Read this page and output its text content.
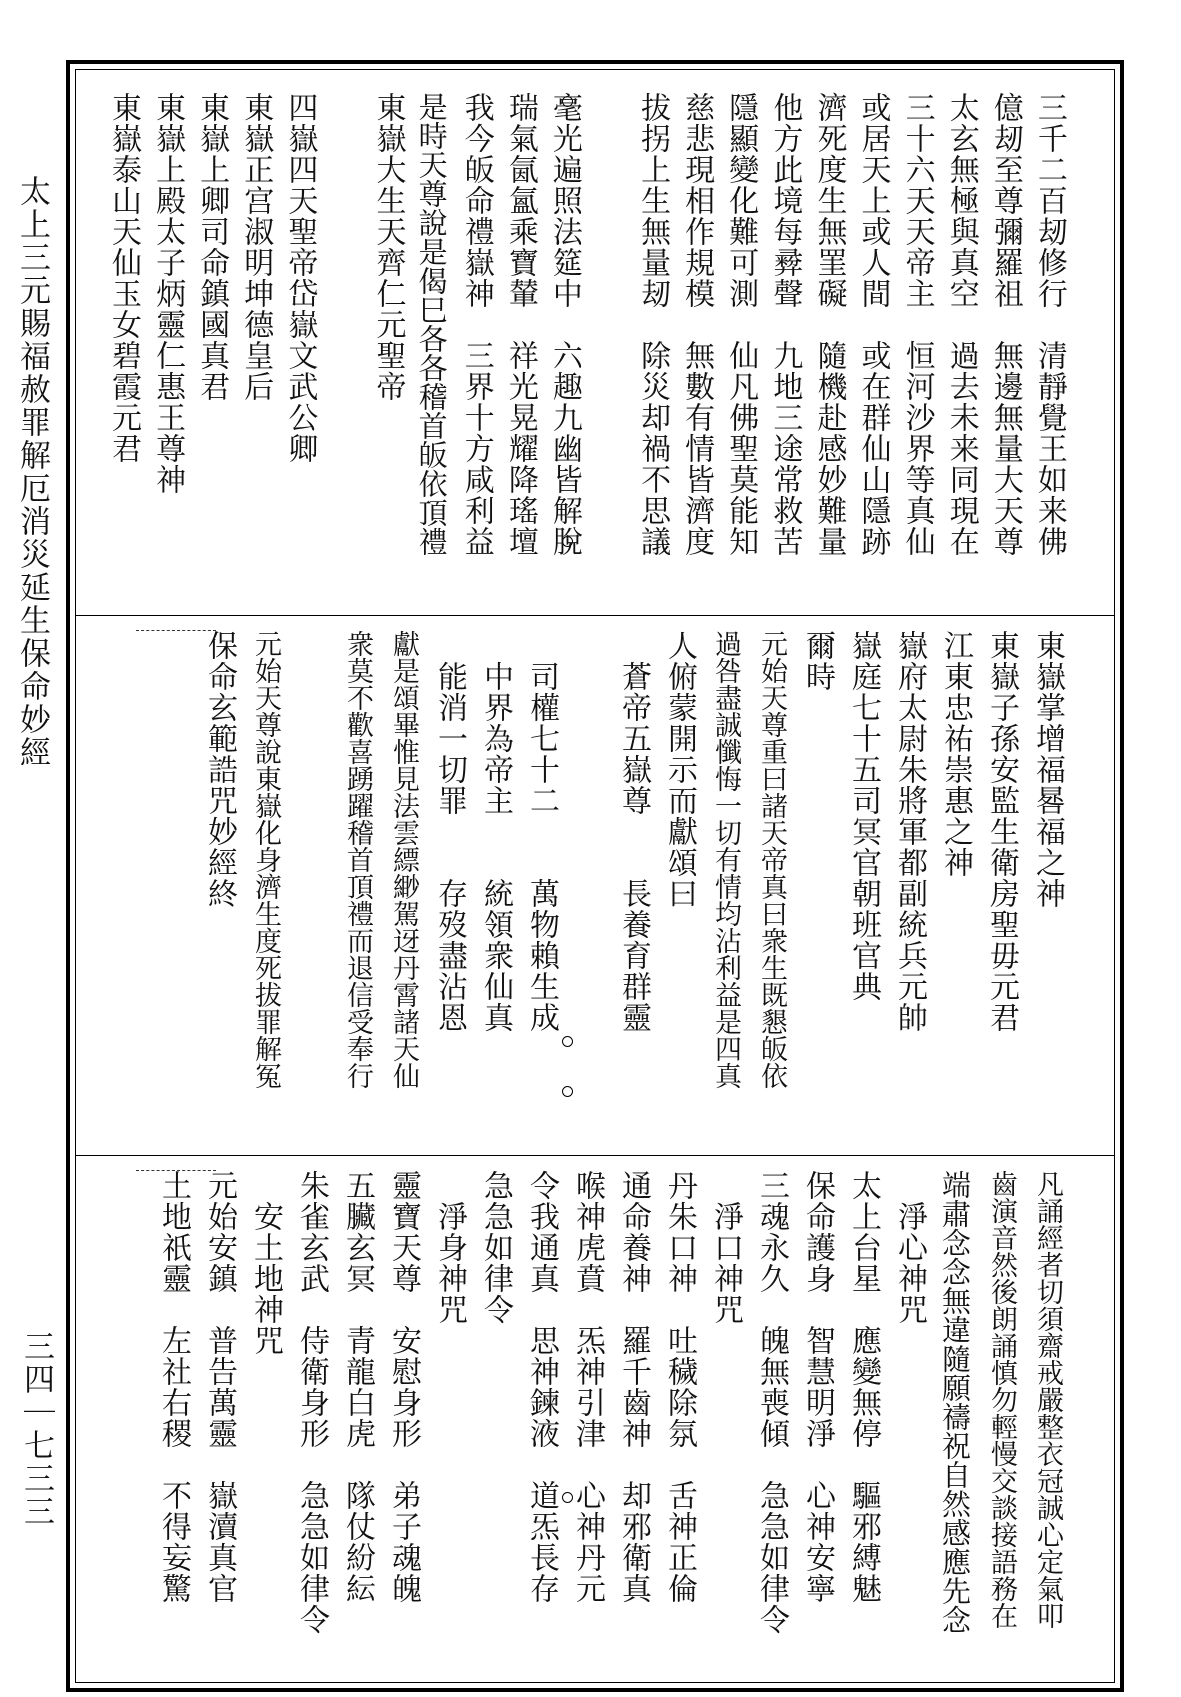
太上三元賜福赦罪解厄消災延生保命妙經
三四｜七三三
三千二百刼修行　清靜覺王如来佛
億刼至尊彌羅祖　無邊無量大天尊
太玄無極與真空　過去未来同現在
三十六天天帝主　恒河沙界等真仙
或居天上或人間　或在群仙山隱跡
濟死度生無罣礙　隨機赴感妙難量
他方此境每彛聲　九地三途常救苦
隱顯變化難可測　仙凡佛聖莫能知
慈悲現相作規模　無數有情皆濟度
拔拐上生無量刼　除災却禍不思議
毫光遍照法筵中　六趣九幽皆解脫
瑞氣氤氳乘寶輦　祥光晃耀降瑤壇
我今皈命禮嶽神　三界十方咸利益
是時天尊說是偈巳各各稽首皈依頂禮
東嶽大生天齊仁元聖帝
四嶽四天聖帝岱嶽文武公卿
東嶽正宫淑明坤德皇后
東嶽上卿司命鎮國真君
東嶽上殿太子炳靈仁惠王尊神
東嶽泰山天仙玉女碧霞元君
東嶽掌增福晷福之神
東嶽子孫安監生衛房聖毋元君
江東忠祐崇惠之神
嶽府太尉朱將軍都副統兵元帥
嶽庭七十五司冥官朝班官典
爾時
元始天尊重曰諸天帝真曰衆生既懇皈依
過咎盡誠懺悔一切有情均沾利益是四真
人俯蒙開示而獻頌曰
　蒼帝五嶽尊　　長養育群靈
　司權七十二　　萬物賴生成
　中界為帝主　　統領衆仙真
　能消一切罪　　存歿盡沾恩
獻是頌畢惟見法雲縹緲駕迓丹霄諸天仙
衆莫不歡喜踴躍稽首頂禮而退信受奉行
元始天尊說東嶽化身濟生度死拔罪解冤
保命玄範誥咒妙經終
凡誦經者切須齋戒嚴整衣冠誠心定氣叩
齒演音然後朗誦慎勿輕慢交談接語務在
端肅念念無違隨願禱祝自然感應先念
　淨心神咒
太上台星　應變無停　驅邪縛魅
保命護身　智慧明淨　心神安寧
三魂永久　魄無喪傾　急急如律令
　淨口神咒
丹朱口神　吐穢除氛　舌神正倫
通命養神　羅千齒神　却邪衛真
喉神虎賁　炁神引津　心神丹元
令我通真　思神鍊液　道炁長存
急急如律令
　淨身神咒
靈寶天尊　安慰身形　弟子魂魄
五臟玄冥　青龍白虎　隊仗紛紜
朱雀玄武　侍衛身形　急急如律令
　安土地神咒
元始安鎮　普告萬靈　嶽瀆真官
土地祇靈　左社右稷　不得妄驚
